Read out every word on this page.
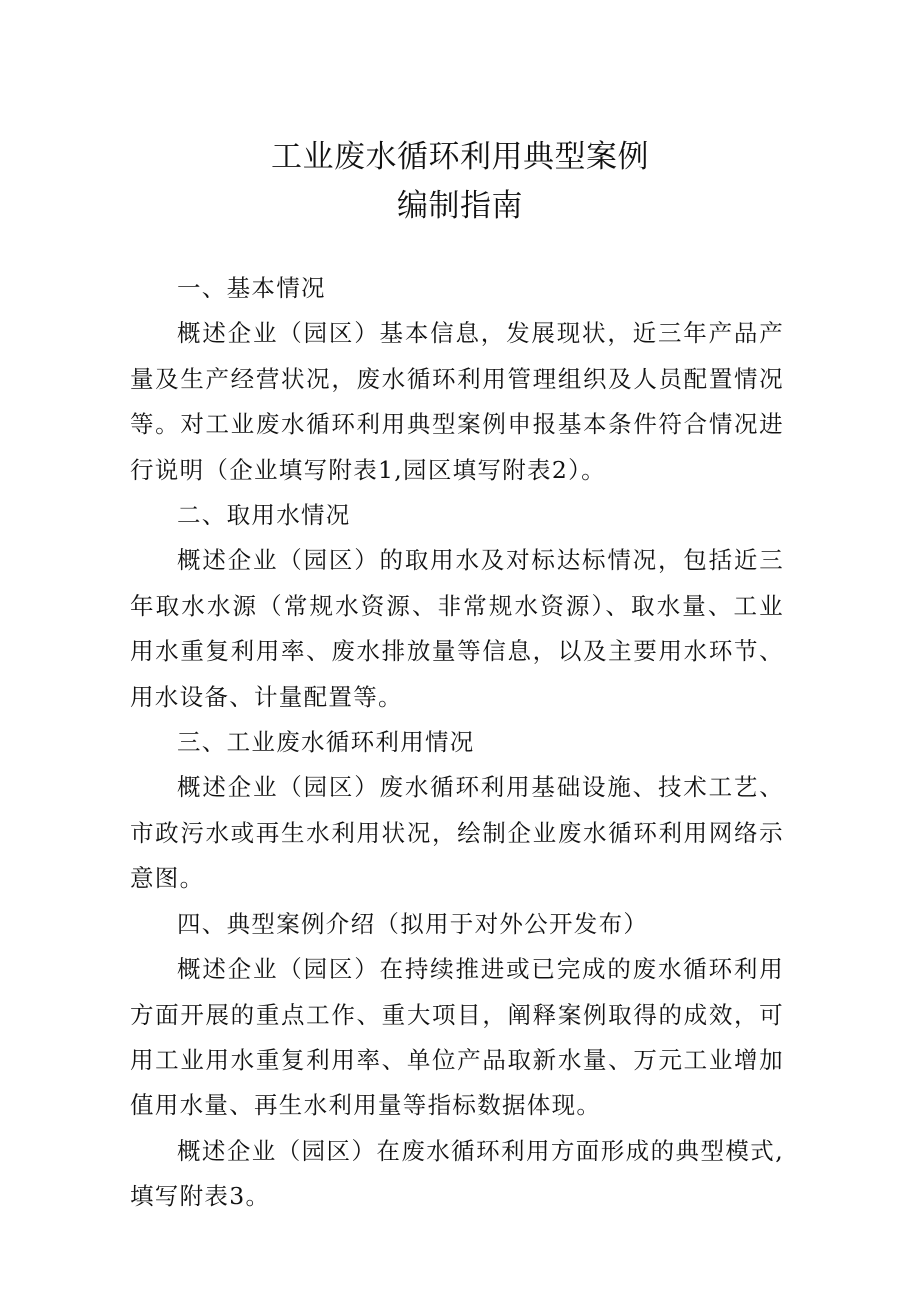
工业废水循环利用典型案例
编制指南

一、基本情况

概述企业（园区）基本信息，发展现状，近三年产品产量及生产经营状况，废水循环利用管理组织及人员配置情况等。对工业废水循环利用典型案例申报基本条件符合情况进行说明（企业填写附表1,园区填写附表2）。

二、取用水情况

概述企业（园区）的取用水及对标达标情况，包括近三年取水水源（常规水资源、非常规水资源）、取水量、工业用水重复利用率、废水排放量等信息，以及主要用水环节、用水设备、计量配置等。

三、工业废水循环利用情况

概述企业（园区）废水循环利用基础设施、技术工艺、市政污水或再生水利用状况，绘制企业废水循环利用网络示意图。

四、典型案例介绍（拟用于对外公开发布）

概述企业（园区）在持续推进或已完成的废水循环利用方面开展的重点工作、重大项目，阐释案例取得的成效，可用工业用水重复利用率、单位产品取新水量、万元工业增加值用水量、再生水利用量等指标数据体现。

概述企业（园区）在废水循环利用方面形成的典型模式,填写附表3。
